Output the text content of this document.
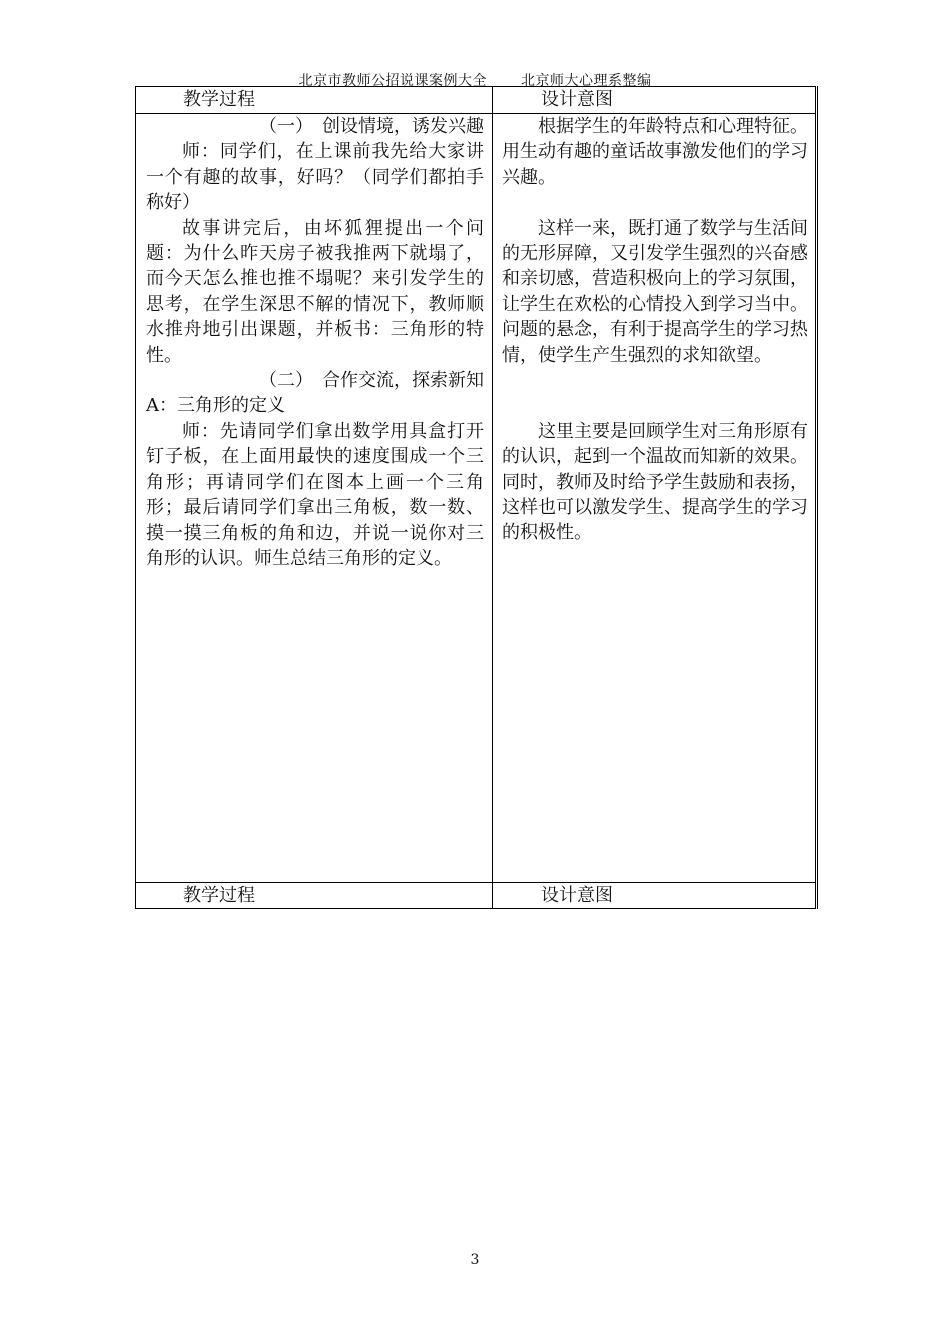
北京市教师公招说课案例大全 北京师大心理系整编
教学过程	设计意图

（一）　创设情境，诱发兴趣

师：同学们，在上课前我先给大家讲一个有趣的故事，好吗？（同学们都拍手称好）

故事讲完后，由坏狐狸提出一个问题：为什么昨天房子被我推两下就塌了，而今天怎么推也推不塌呢？来引发学生的思考，在学生深思不解的情况下，教师顺水推舟地引出课题，并板书：三角形的特性。

（二）　合作交流，探索新知

A：三角形的定义

师：先请同学们拿出数学用具盒打开钉子板，在上面用最快的速度围成一个三角形；再请同学们在图本上画一个三角形；最后请同学们拿出三角板，数一数、摸一摸三角板的角和边，并说一说你对三角形的认识。师生总结三角形的定义。

根据学生的年龄特点和心理特征。用生动有趣的童话故事激发他们的学习兴趣。

这样一来，既打通了数学与生活间的无形屏障，又引发学生强烈的兴奋感和亲切感，营造积极向上的学习氛围，让学生在欢松的心情投入到学习当中。问题的悬念，有利于提高学生的学习热情，使学生产生强烈的求知欲望。

这里主要是回顾学生对三角形原有的认识，起到一个温故而知新的效果。同时，教师及时给予学生鼓励和表扬，这样也可以激发学生、提高学生的学习的积极性。

教学过程	设计意图
3
